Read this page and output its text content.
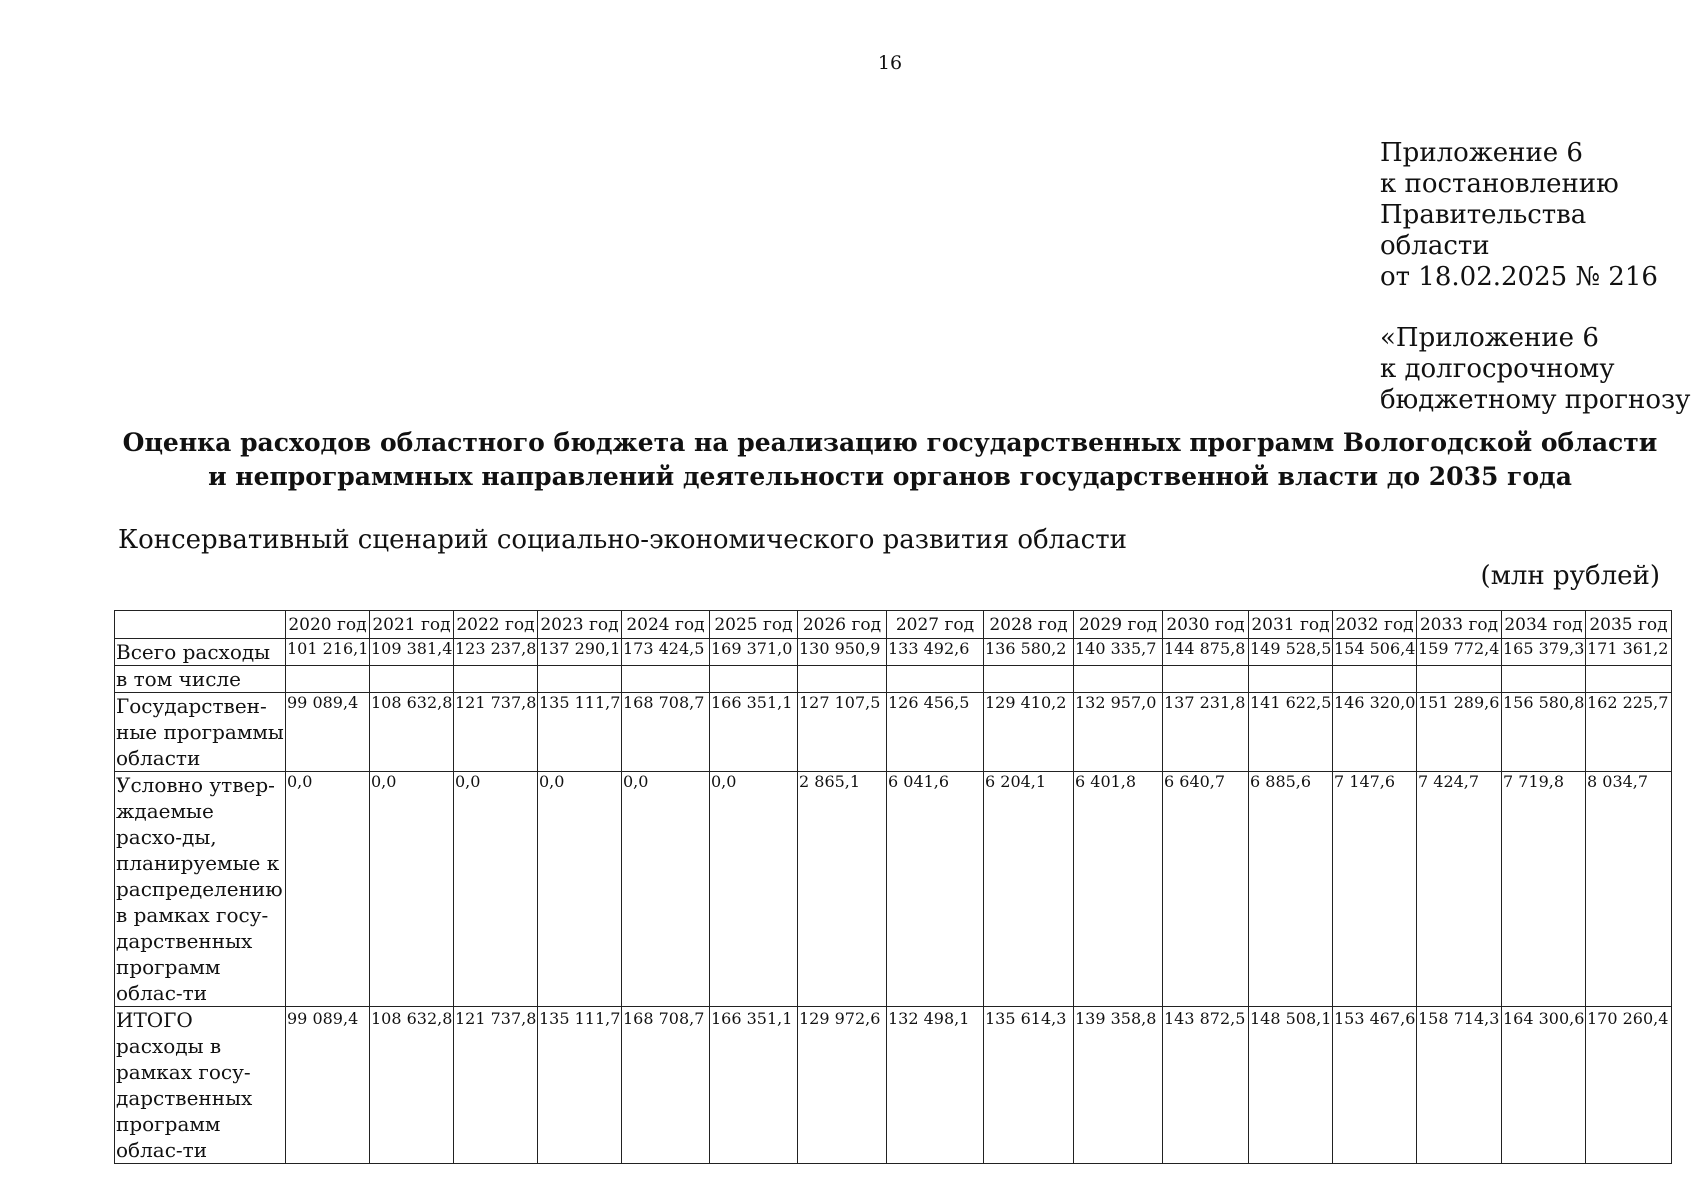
16
Приложение 6
к постановлению
Правительства области
от 18.02.2025 № 216
«Приложение 6
к долгосрочному
бюджетному прогнозу
Оценка расходов областного бюджета на реализацию государственных программ Вологодской области
и непрограммных направлений деятельности органов государственной власти до 2035 года
Консервативный сценарий социально-экономического развития области
(млн рублей)
	2020 год	2021 год	2022 год	2023 год	2024 год	2025 год	2026 год	2027 год	2028 год	2029 год	2030 год	2031 год	2032 год	2033 год	2034 год	2035 год
Всего расходы	101 216,1	109 381,4	123 237,8	137 290,1	173 424,5	169 371,0	130 950,9	133 492,6	136 580,2	140 335,7	144 875,8	149 528,5	154 506,4	159 772,4	165 379,3	171 361,2
в том числе																
Государствен-ные программы области	99 089,4	108 632,8	121 737,8	135 111,7	168 708,7	166 351,1	127 107,5	126 456,5	129 410,2	132 957,0	137 231,8	141 622,5	146 320,0	151 289,6	156 580,8	162 225,7
Условно утвер-ждаемые расхо-ды, планируемые к распределению в рамках госу-дарственных программ облас-ти	0,0	0,0	0,0	0,0	0,0	0,0	2 865,1	6 041,6	6 204,1	6 401,8	6 640,7	6 885,6	7 147,6	7 424,7	7 719,8	8 034,7
ИТОГО расходы в рамках госу-дарственных программ облас-ти	99 089,4	108 632,8	121 737,8	135 111,7	168 708,7	166 351,1	129 972,6	132 498,1	135 614,3	139 358,8	143 872,5	148 508,1	153 467,6	158 714,3	164 300,6	170 260,4
